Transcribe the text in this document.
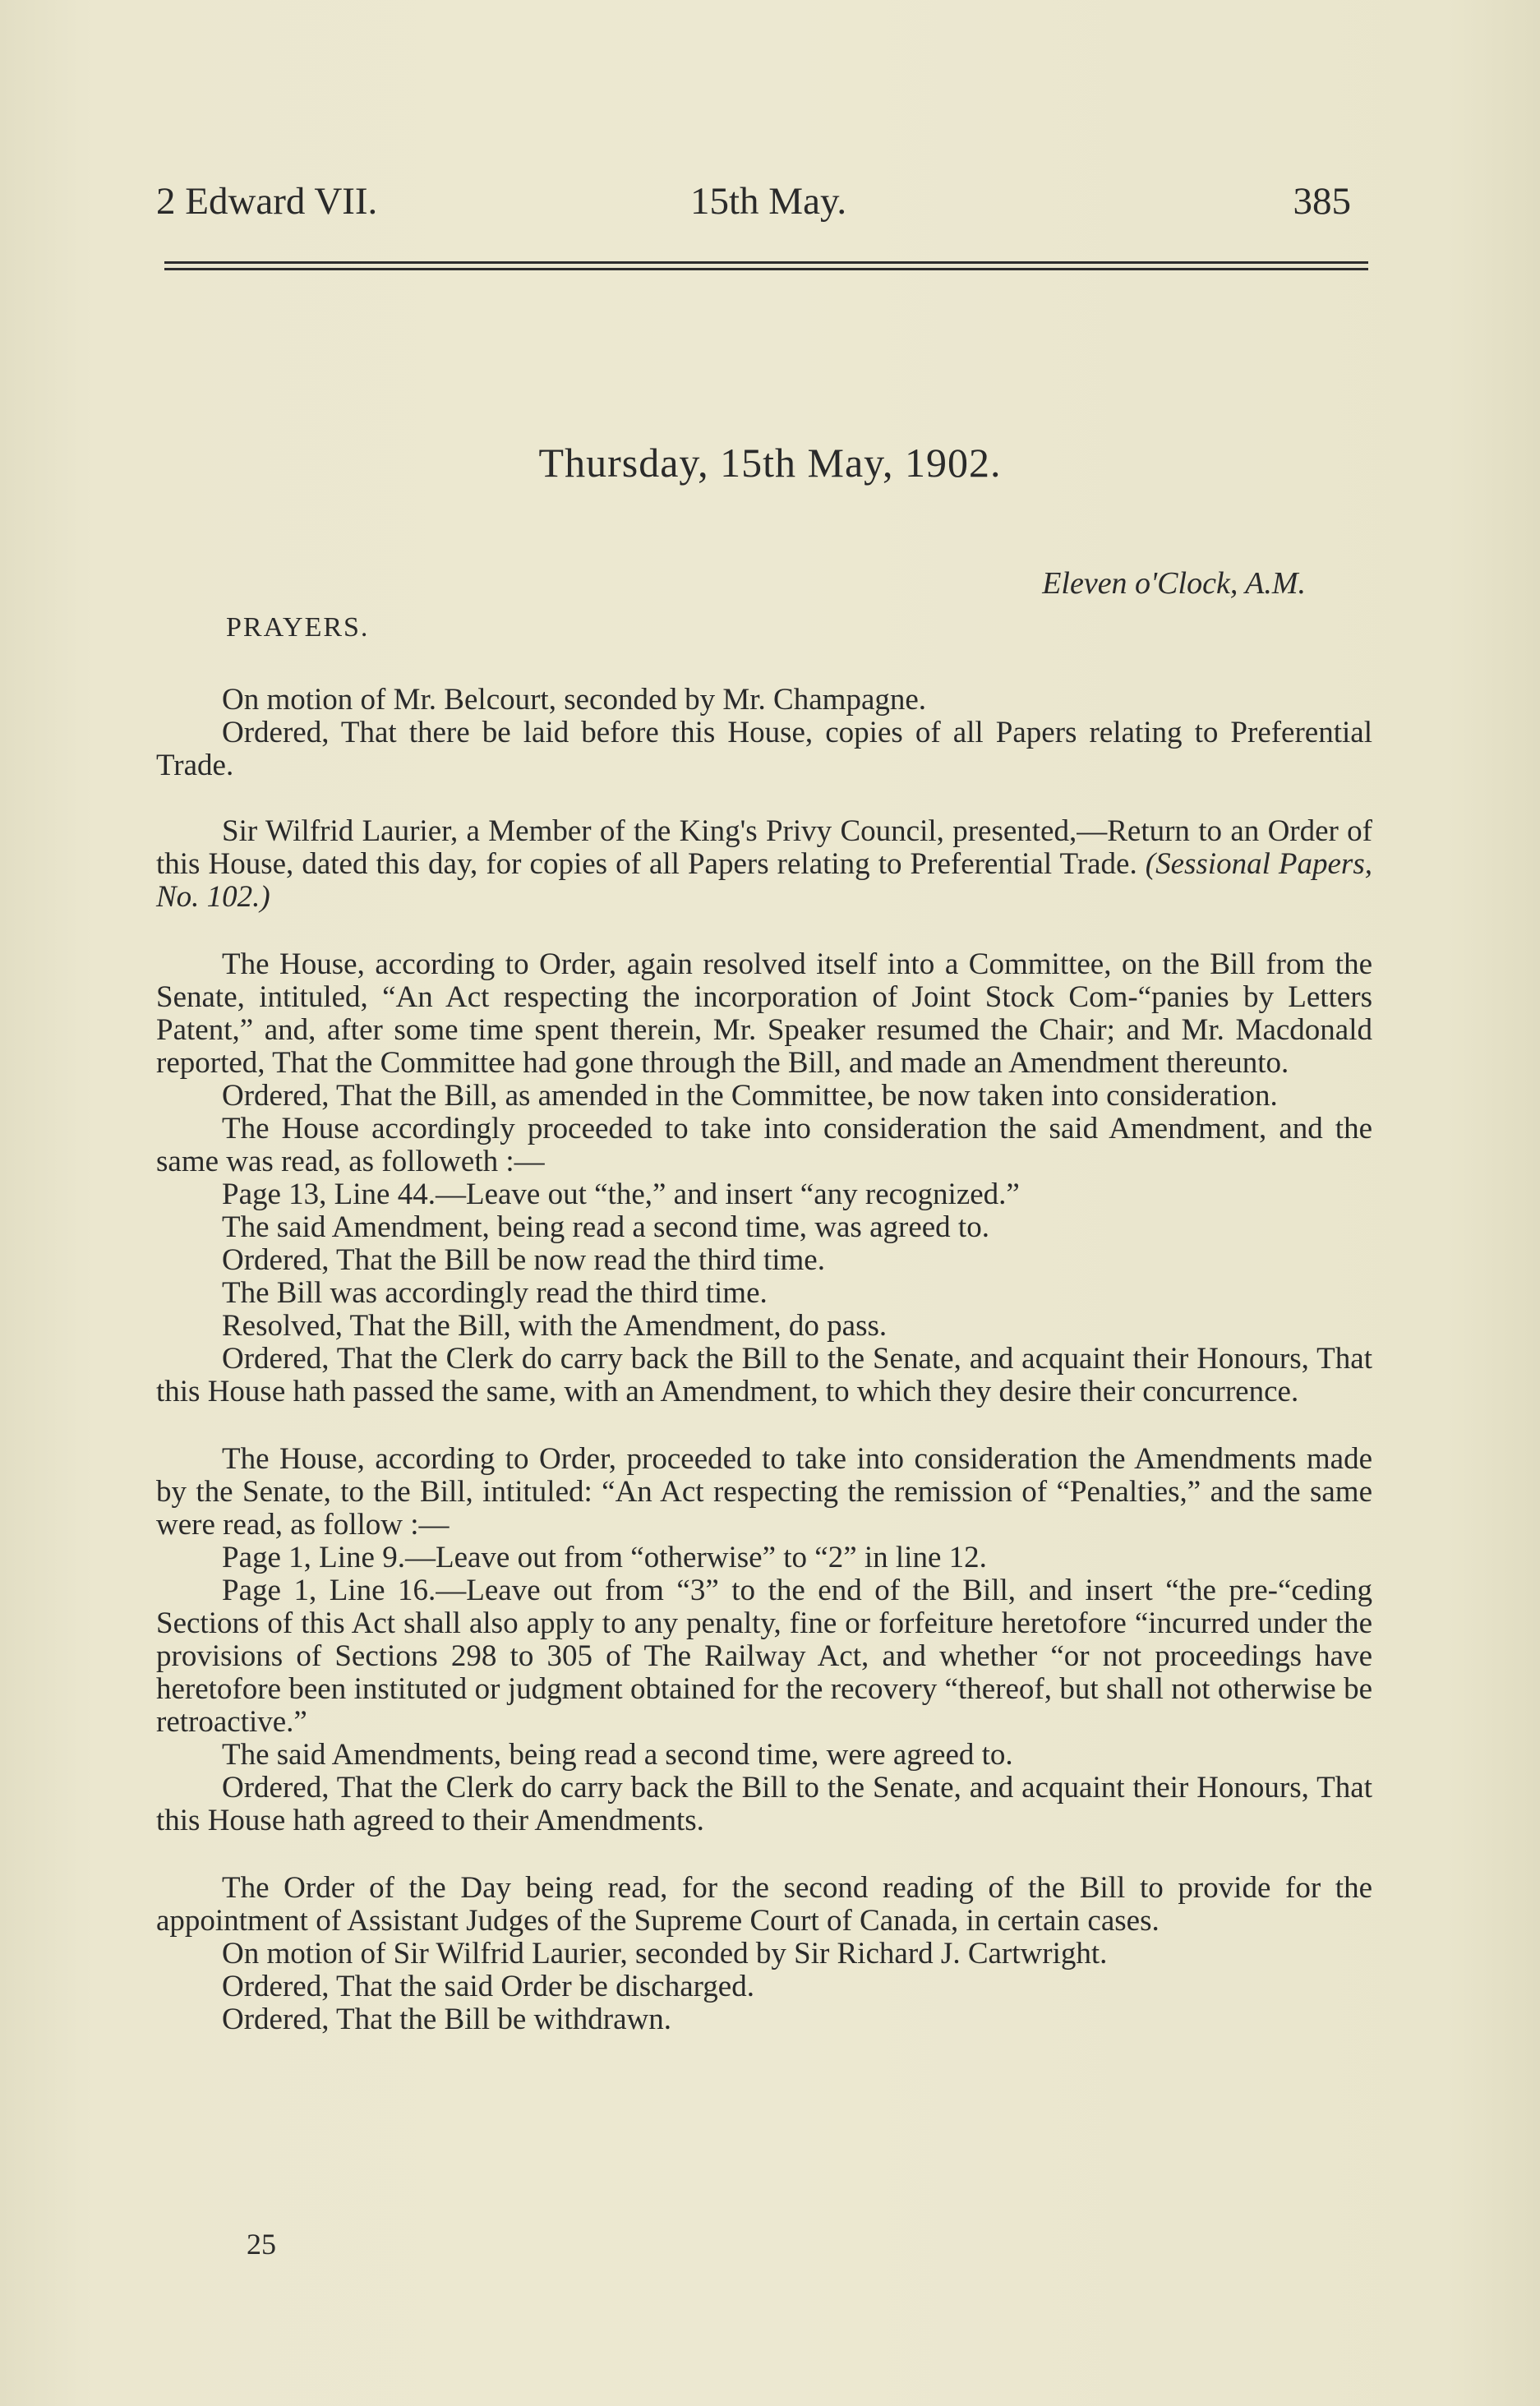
2 Edward VII.	15th May.	385
Thursday, 15th May, 1902.
Eleven o'Clock, A.M.
PRAYERS.

On motion of Mr. Belcourt, seconded by Mr. Champagne.

Ordered, That there be laid before this House, copies of all Papers relating to Preferential Trade.

Sir Wilfrid Laurier, a Member of the King's Privy Council, presented,—Return to an Order of this House, dated this day, for copies of all Papers relating to Preferential Trade. (Sessional Papers, No. 102.)

The House, according to Order, again resolved itself into a Committee, on the Bill from the Senate, intituled, “An Act respecting the incorporation of Joint Stock Com-“panies by Letters Patent,” and, after some time spent therein, Mr. Speaker resumed the Chair; and Mr. Macdonald reported, That the Committee had gone through the Bill, and made an Amendment thereunto.

Ordered, That the Bill, as amended in the Committee, be now taken into consideration.

The House accordingly proceeded to take into consideration the said Amendment, and the same was read, as followeth :—

Page 13, Line 44.—Leave out “the,” and insert “any recognized.”

The said Amendment, being read a second time, was agreed to.

Ordered, That the Bill be now read the third time.

The Bill was accordingly read the third time.

Resolved, That the Bill, with the Amendment, do pass.

Ordered, That the Clerk do carry back the Bill to the Senate, and acquaint their Honours, That this House hath passed the same, with an Amendment, to which they desire their concurrence.

The House, according to Order, proceeded to take into consideration the Amendments made by the Senate, to the Bill, intituled: “An Act respecting the remission of “Penalties,” and the same were read, as follow :—

Page 1, Line 9.—Leave out from “otherwise” to “2” in line 12.

Page 1, Line 16.—Leave out from “3” to the end of the Bill, and insert “the pre-“ceding Sections of this Act shall also apply to any penalty, fine or forfeiture heretofore “incurred under the provisions of Sections 298 to 305 of The Railway Act, and whether “or not proceedings have heretofore been instituted or judgment obtained for the recovery “thereof, but shall not otherwise be retroactive.”

The said Amendments, being read a second time, were agreed to.

Ordered, That the Clerk do carry back the Bill to the Senate, and acquaint their Honours, That this House hath agreed to their Amendments.

The Order of the Day being read, for the second reading of the Bill to provide for the appointment of Assistant Judges of the Supreme Court of Canada, in certain cases.

On motion of Sir Wilfrid Laurier, seconded by Sir Richard J. Cartwright.

Ordered, That the said Order be discharged.

Ordered, That the Bill be withdrawn.

25
